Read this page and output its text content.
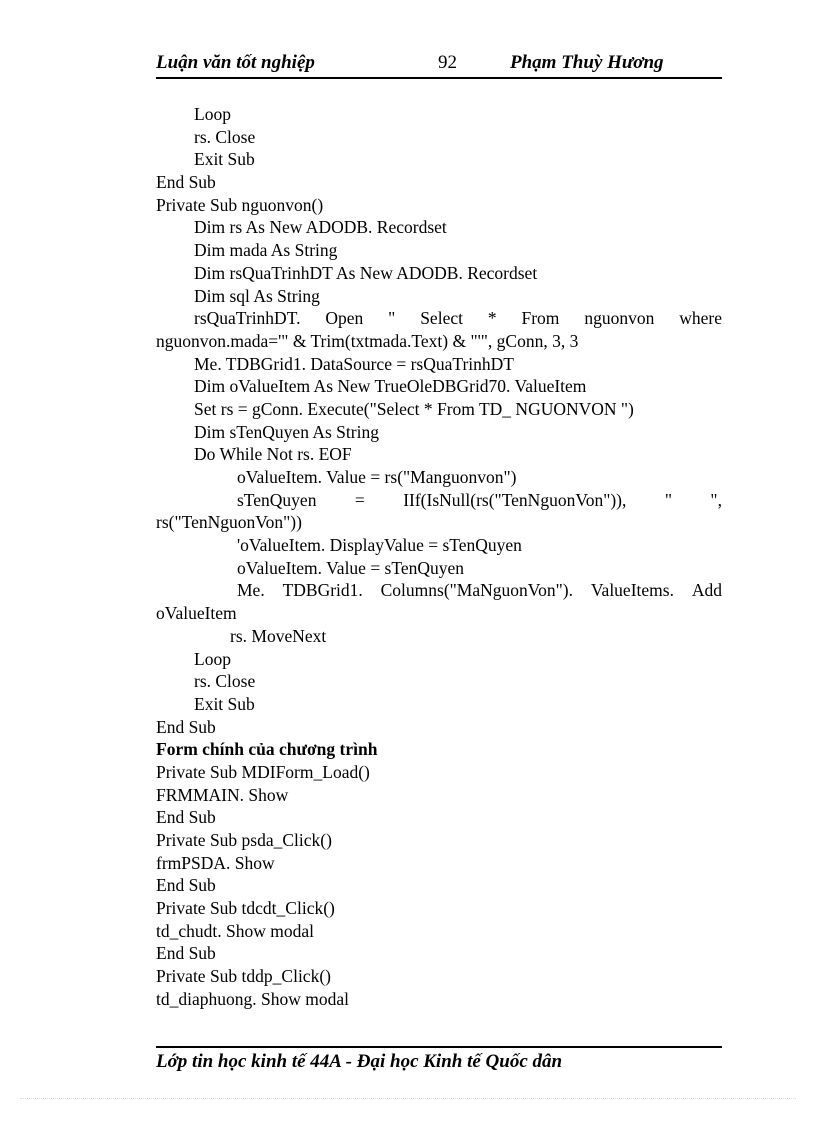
Luận văn tốt nghiệp	92	Phạm Thuỳ Hương
Loop
rs. Close
Exit Sub
End Sub
Private Sub nguonvon()
Dim rs As New ADODB. Recordset
Dim mada As String
Dim rsQuaTrinhDT As New ADODB. Recordset
Dim sql As String
rsQuaTrinhDT. Open " Select * From nguonvon where
nguonvon.mada='" & Trim(txtmada.Text) & "'", gConn, 3, 3
Me. TDBGrid1. DataSource = rsQuaTrinhDT
Dim oValueItem As New TrueOleDBGrid70. ValueItem
Set rs = gConn. Execute("Select * From TD_ NGUONVON ")
Dim sTenQuyen As String
Do While Not rs. EOF
oValueItem. Value = rs("Manguonvon")
sTenQuyen = IIf(IsNull(rs("TenNguonVon")), " ",
rs("TenNguonVon"))
'oValueItem. DisplayValue = sTenQuyen
oValueItem. Value = sTenQuyen
Me. TDBGrid1. Columns("MaNguonVon"). ValueItems. Add
oValueItem
rs. MoveNext
Loop
rs. Close
Exit Sub
End Sub
Form chính của chương trình
Private Sub MDIForm_Load()
FRMMAIN. Show
End Sub
Private Sub psda_Click()
frmPSDA. Show
End Sub
Private Sub tdcdt_Click()
td_chudt. Show modal
End Sub
Private Sub tddp_Click()
td_diaphuong. Show modal
Lớp tin học kinh tế 44A - Đại học Kinh tế Quốc dân
